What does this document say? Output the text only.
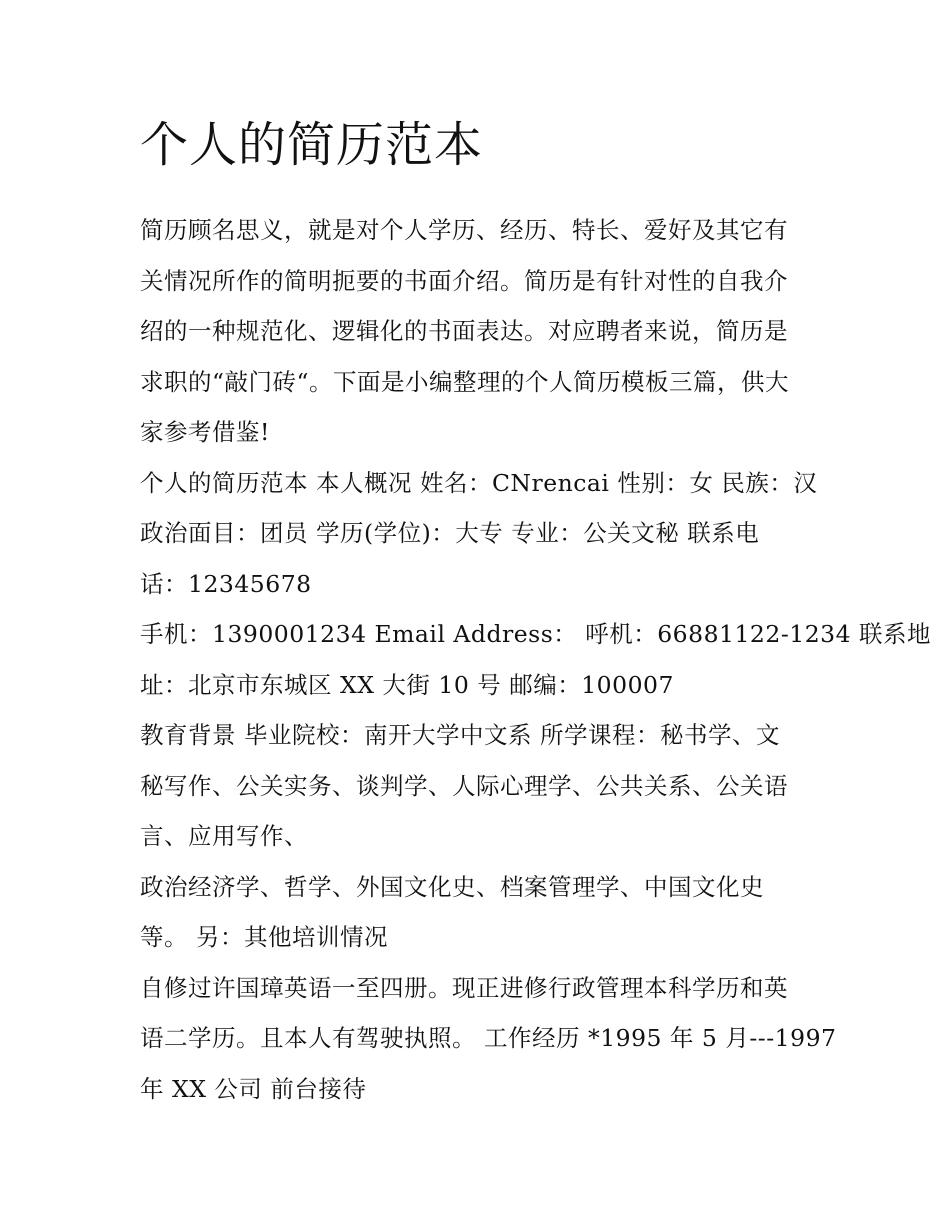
个人的简历范本

简历顾名思义，就是对个人学历、经历、特长、爱好及其它有
关情况所作的简明扼要的书面介绍。简历是有针对性的自我介
绍的一种规范化、逻辑化的书面表达。对应聘者来说，简历是
求职的“敲门砖“。下面是小编整理的个人简历模板三篇，供大
家参考借鉴!

个人的简历范本 本人概况 姓名：CNrencai 性别：女 民族：汉
政治面目：团员 学历(学位)：大专 专业：公关文秘 联系电
话：12345678

手机：1390001234 Email Address： 呼机：66881122-1234 联系地
址：北京市东城区 XX 大街 10 号 邮编：100007

教育背景 毕业院校：南开大学中文系 所学课程：秘书学、文
秘写作、公关实务、谈判学、人际心理学、公共关系、公关语
言、应用写作、

政治经济学、哲学、外国文化史、档案管理学、中国文化史
等。 另：其他培训情况

自修过许国璋英语一至四册。现正进修行政管理本科学历和英
语二学历。且本人有驾驶执照。 工作经历 *1995 年 5 月---1997
年 XX 公司 前台接待
